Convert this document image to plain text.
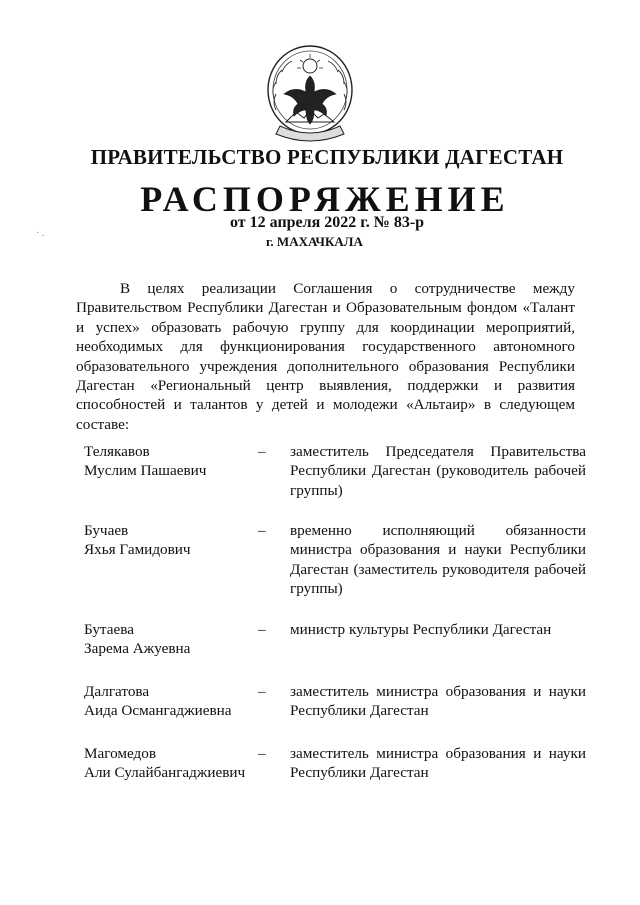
· .
ПРАВИТЕЛЬСТВО РЕСПУБЛИКИ ДАГЕСТАН
РАСПОРЯЖЕНИЕ
от 12 апреля 2022 г. № 83-р
г. МАХАЧКАЛА
В целях реализации Соглашения о сотрудничестве между Правительством Республики Дагестан и Образовательным фондом «Талант и успех» образовать рабочую группу для координации мероприятий, необходимых для функционирования государственного автономного образовательного учреждения дополнительного образования Республики Дагестан «Региональный центр выявления, поддержки и развития способностей и талантов у детей и молодежи «Альтаир» в следующем составе:
Телякавов
Муслим Пашаевич
– заместитель Председателя Правительства Республики Дагестан (руководитель рабочей группы)
Бучаев
Яхья Гамидович
– временно исполняющий обязанности министра образования и науки Республики Дагестан (заместитель руководителя рабочей группы)
Бутаева
Зарема Ажуевна
– министр культуры Республики Дагестан
Далгатова
Аида Османгаджиевна
– заместитель министра образования и науки Республики Дагестан
Магомедов
Али Сулайбангаджиевич
– заместитель министра образования и науки Республики Дагестан
